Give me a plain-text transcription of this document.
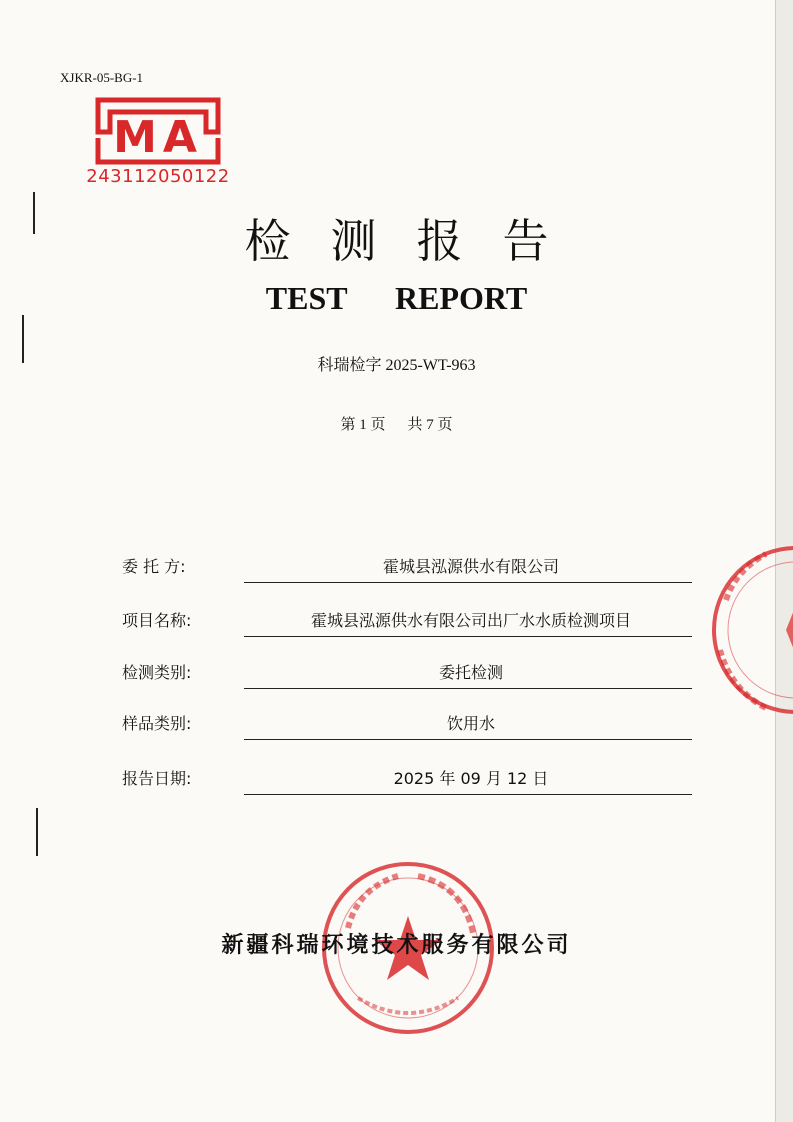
XJKR-05-BG-1
MA
243112050122
检测报告
TEST REPORT
科瑞检字 2025-WT-963
第 1 页 共 7 页
委 托 方:	霍城县泓源供水有限公司
项目名称:	霍城县泓源供水有限公司出厂水水质检测项目
检测类别:	委托检测
样品类别:	饮用水
报告日期:	2025 年 09 月 12 日
新疆科瑞环境技术服务有限公司
